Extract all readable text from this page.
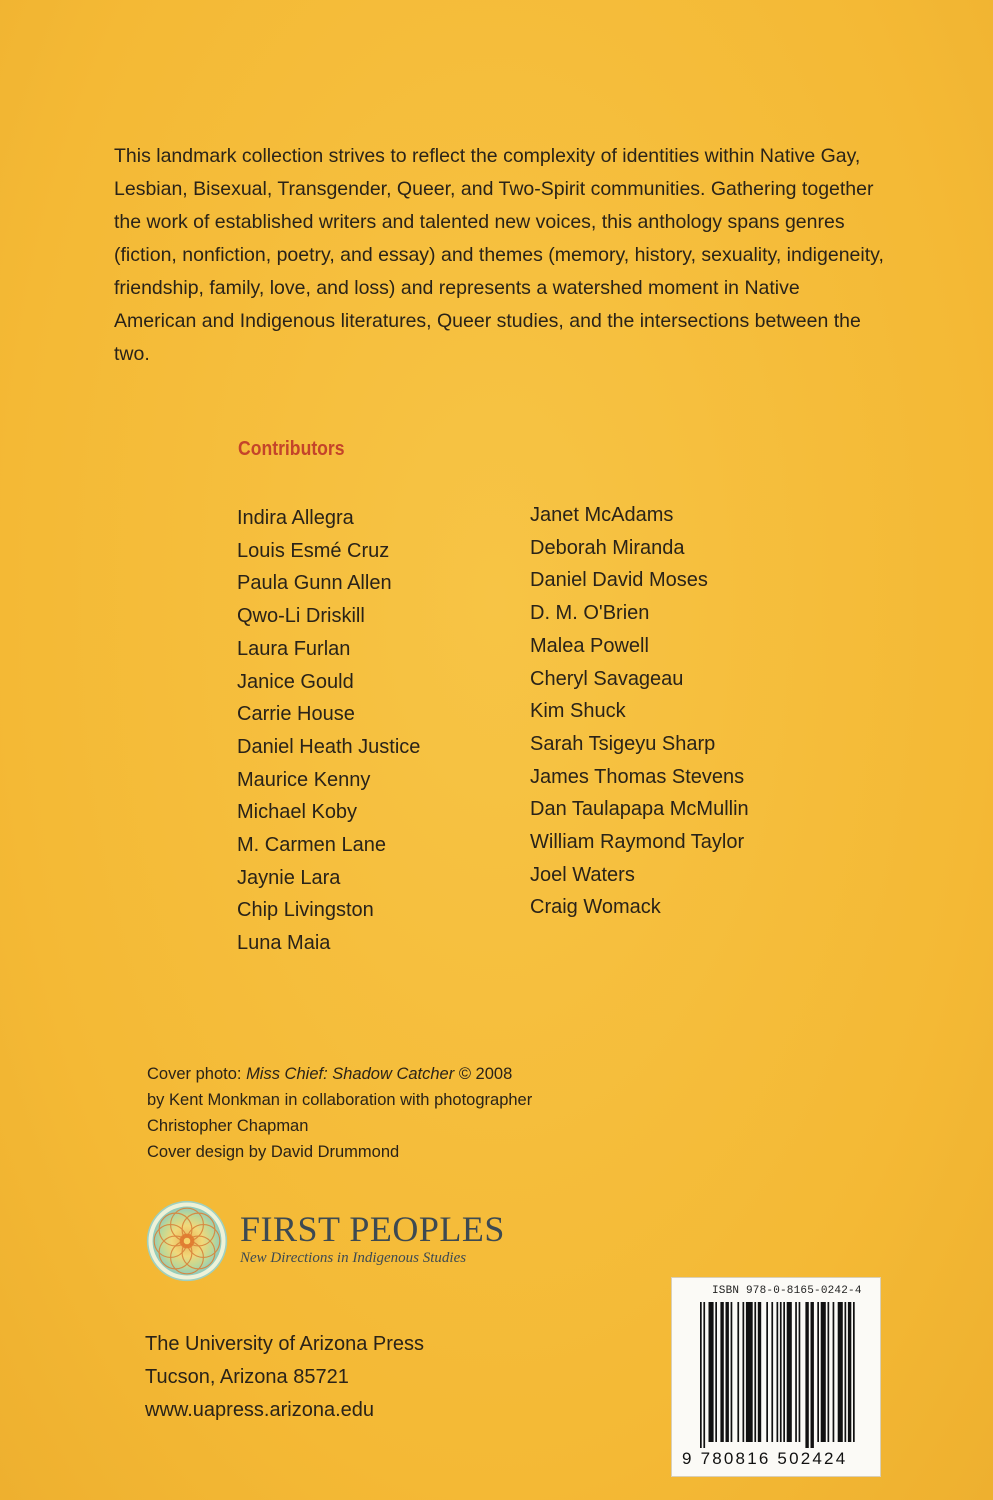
This landmark collection strives to reflect the complexity of identities within Native Gay, Lesbian, Bisexual, Transgender, Queer, and Two-Spirit communities. Gathering together the work of established writers and talented new voices, this anthology spans genres (fiction, nonfiction, poetry, and essay) and themes (memory, history, sexuality, indigeneity, friendship, family, love, and loss) and represents a watershed moment in Native American and Indigenous literatures, Queer studies, and the intersections between the two.

Contributors
Indira Allegra
Louis Esmé Cruz
Paula Gunn Allen
Qwo-Li Driskill
Laura Furlan
Janice Gould
Carrie House
Daniel Heath Justice
Maurice Kenny
Michael Koby
M. Carmen Lane
Jaynie Lara
Chip Livingston
Luna Maia
Janet McAdams
Deborah Miranda
Daniel David Moses
D. M. O'Brien
Malea Powell
Cheryl Savageau
Kim Shuck
Sarah Tsigeyu Sharp
James Thomas Stevens
Dan Taulapapa McMullin
William Raymond Taylor
Joel Waters
Craig Womack

Cover photo: Miss Chief: Shadow Catcher © 2008

by Kent Monkman in collaboration with photographer

Christopher Chapman

Cover design by David Drummond

FIRST PEOPLES
New Directions in Indigenous Studies
The University of Arizona Press
Tucson, Arizona 85721
www.uapress.arizona.edu
ISBN 978-0-8165-0242-4
9 780816 502424
